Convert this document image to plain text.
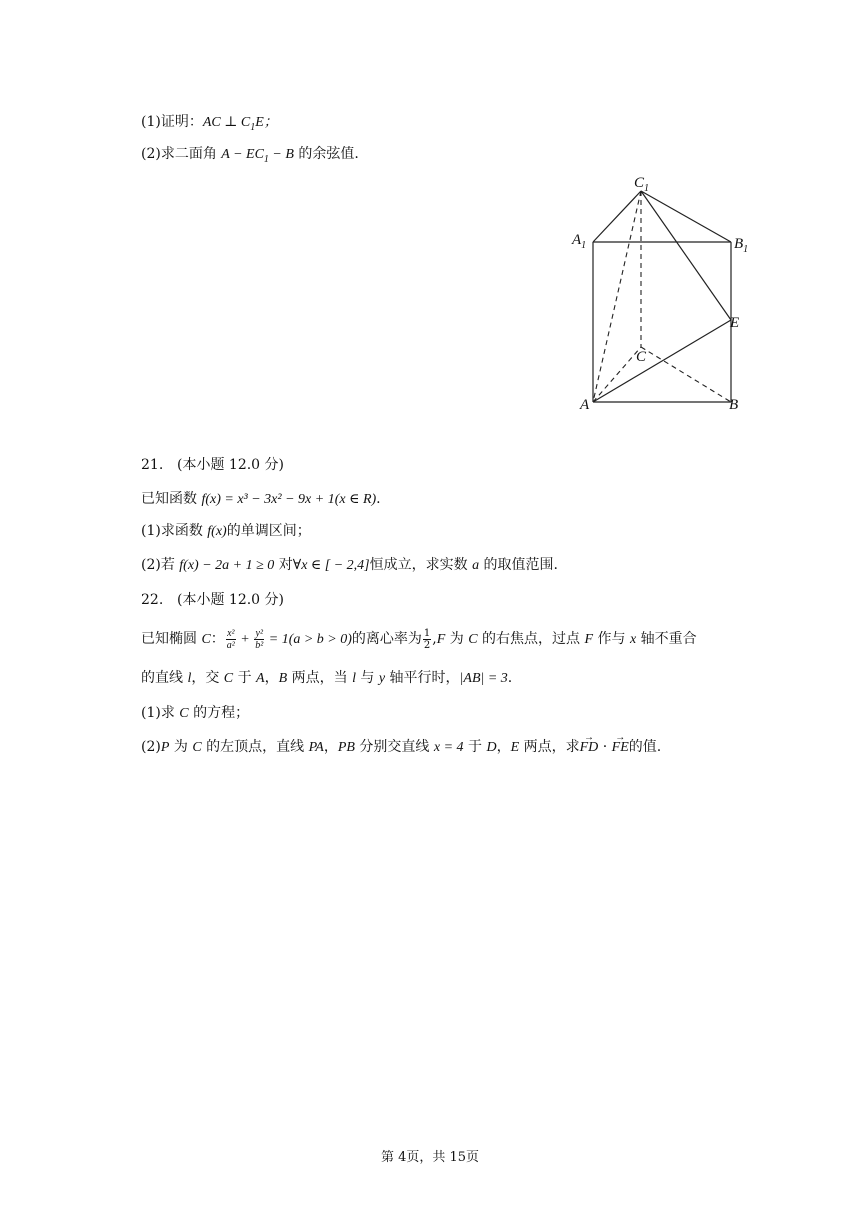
(1)证明：AC ⊥ $C_1E$；
(2)求二面角 $A - EC_1 - B$ 的余弦值.
$C_1$
$A_1$	$B_1$
E
C
A	B
21. (本小题 12.0 分)
已知函数 f(x) = x³ − 3x² − 9x + 1(x ∈ R).
(1)求函数 f(x)的单调区间；
(2)若 f(x) − 2a + 1 ≥ 0 对∀x ∈ [ − 2,4]恒成立，求实数 a 的取值范围.
22. (本小题 12.0 分)
已知椭圆 C： $\frac{\text{x²}}{\text{a²}} + \frac{\text{y²}}{\text{b²}} = 1(a > b > 0)$的离心率为 $\frac{1}{2} ,F$ 为 C 的右焦点，过点 F 作与 x 轴不重合
的直线 l，交 C 于 A，B 两点，当 l 与 y 轴平行时，|AB| = 3.
(1)求 C 的方程；
(2)P 为 C 的左顶点，直线 PA，PB 分别交直线 x = 4 于 D，E 两点，求→ FD · → FE的值.
第 4页，共 15页
